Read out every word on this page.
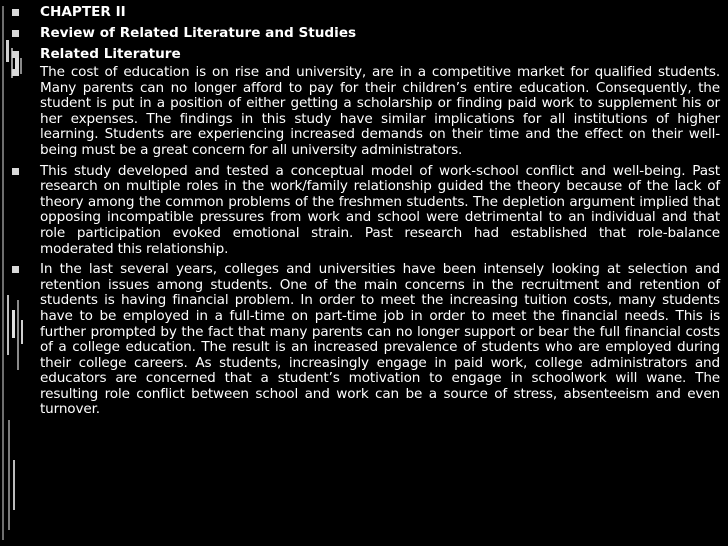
CHAPTER II

Review of Related Literature and Studies

Related Literature

The cost of education is on rise and university, are in a competitive market for qualified students. Many parents can no longer afford to pay for their children’s entire education. Consequently, the student is put in a position of either getting a scholarship or finding paid work to supplement his or her expenses. The findings in this study have similar implications for all institutions of higher learning. Students are experiencing increased demands on their time and the effect on their well-being must be a great concern for all university administrators.

This study developed and tested a conceptual model of work-school conflict and well-being. Past research on multiple roles in the work/family relationship guided the theory because of the lack of theory among the common problems of the freshmen students. The depletion argument implied that opposing incompatible pressures from work and school were detrimental to an individual and that role participation evoked emotional strain. Past research had established that role-balance moderated this relationship.

In the last several years, colleges and universities have been intensely looking at selection and retention issues among students. One of the main concerns in the recruitment and retention of students is having financial problem. In order to meet the increasing tuition costs, many students have to be employed in a full-time on part-time job in order to meet the financial needs. This is further prompted by the fact that many parents can no longer support or bear the full financial costs of a college education. The result is an increased prevalence of students who are employed during their college careers. As students, increasingly engage in paid work, college administrators and educators are concerned that a student’s motivation to engage in schoolwork will wane. The resulting role conflict between school and work can be a source of stress, absenteeism and even turnover.
